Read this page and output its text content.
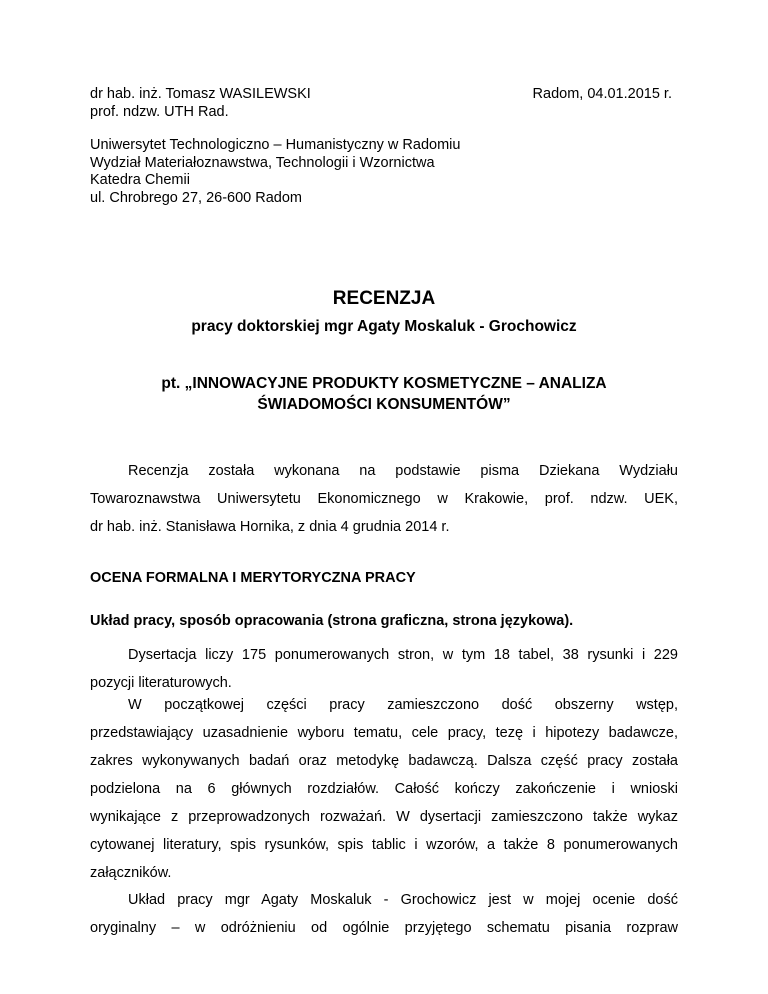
dr hab. inż. Tomasz WASILEWSKI
prof. ndzw. UTH Rad.
Radom, 04.01.2015 r.
Uniwersytet Technologiczno – Humanistyczny w Radomiu
Wydział Materiałoznawstwa, Technologii i Wzornictwa
Katedra Chemii
ul. Chrobrego 27, 26-600 Radom
RECENZJA
pracy doktorskiej mgr Agaty Moskaluk - Grochowicz
pt. „INNOWACYJNE PRODUKTY KOSMETYCZNE – ANALIZA
ŚWIADOMOŚCI KONSUMENTÓW”
Recenzja została wykonana na podstawie pisma Dziekana Wydziału
Towaroznawstwa Uniwersytetu Ekonomicznego w Krakowie, prof. ndzw. UEK,
dr hab. inż. Stanisława Hornika, z dnia 4 grudnia 2014 r.
OCENA FORMALNA I MERYTORYCZNA PRACY
Układ pracy, sposób opracowania (strona graficzna, strona językowa).
Dysertacja liczy 175 ponumerowanych stron, w tym 18 tabel, 38 rysunki i 229
pozycji literaturowych.
W początkowej części pracy zamieszczono dość obszerny wstęp,
przedstawiający uzasadnienie wyboru tematu, cele pracy, tezę i hipotezy badawcze,
zakres wykonywanych badań oraz metodykę badawczą. Dalsza część pracy została
podzielona na 6 głównych rozdziałów. Całość kończy zakończenie i wnioski
wynikające z przeprowadzonych rozważań. W dysertacji zamieszczono także wykaz
cytowanej literatury, spis rysunków, spis tablic i wzorów, a także 8 ponumerowanych
załączników.
Układ pracy mgr Agaty Moskaluk - Grochowicz jest w mojej ocenie dość
oryginalny – w odróżnieniu od ogólnie przyjętego schematu pisania rozpraw
